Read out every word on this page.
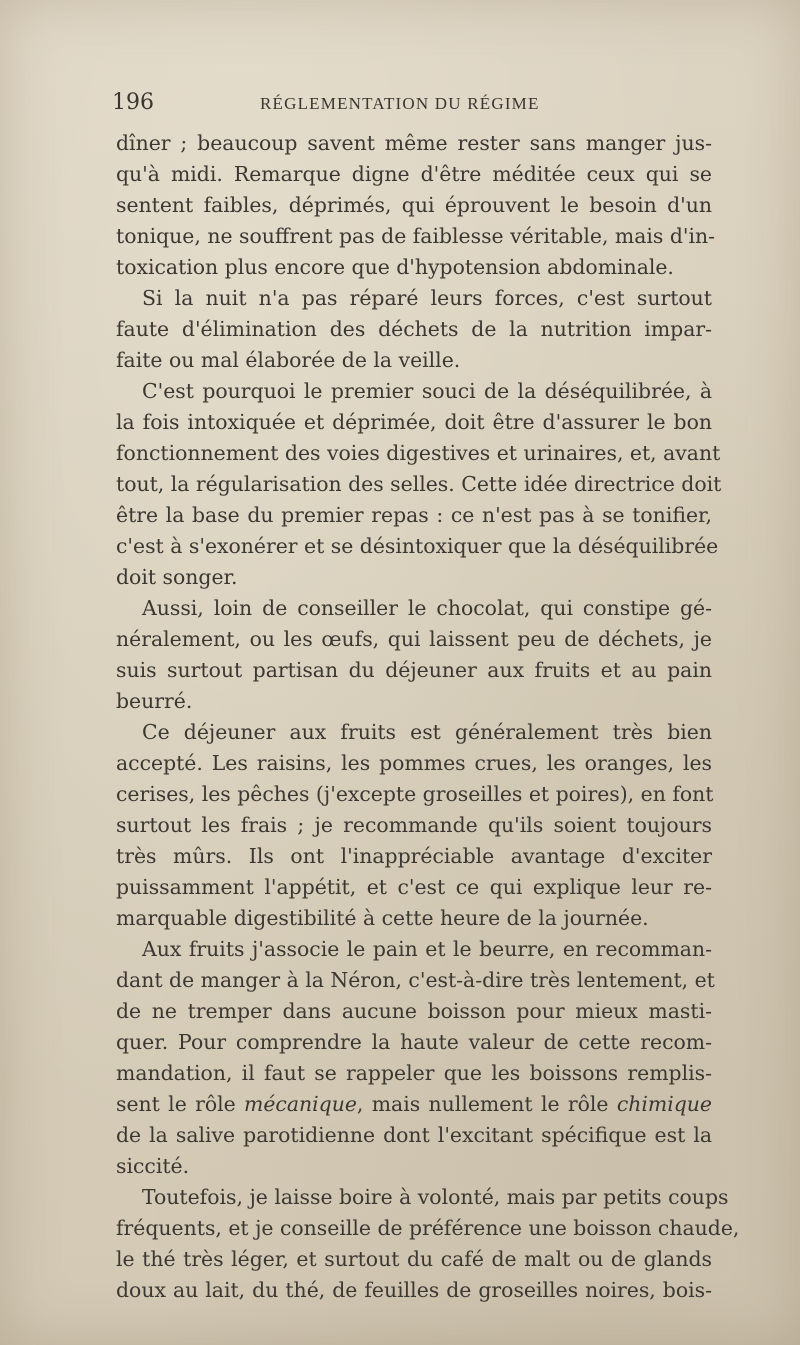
196	RÉGLEMENTATION DU RÉGIME
dîner ; beaucoup savent même rester sans manger jus-
qu'à midi. Remarque digne d'être méditée ceux qui se
sentent faibles, déprimés, qui éprouvent le besoin d'un
tonique, ne souffrent pas de faiblesse véritable, mais d'in-
toxication plus encore que d'hypotension abdominale.
Si la nuit n'a pas réparé leurs forces, c'est surtout
faute d'élimination des déchets de la nutrition impar-
faite ou mal élaborée de la veille.
C'est pourquoi le premier souci de la déséquilibrée, à
la fois intoxiquée et déprimée, doit être d'assurer le bon
fonctionnement des voies digestives et urinaires, et, avant
tout, la régularisation des selles. Cette idée directrice doit
être la base du premier repas : ce n'est pas à se tonifier,
c'est à s'exonérer et se désintoxiquer que la déséquilibrée
doit songer.
Aussi, loin de conseiller le chocolat, qui constipe gé-
néralement, ou les œufs, qui laissent peu de déchets, je
suis surtout partisan du déjeuner aux fruits et au pain
beurré.
Ce déjeuner aux fruits est généralement très bien
accepté. Les raisins, les pommes crues, les oranges, les
cerises, les pêches (j'excepte groseilles et poires), en font
surtout les frais ; je recommande qu'ils soient toujours
très mûrs. Ils ont l'inappréciable avantage d'exciter
puissamment l'appétit, et c'est ce qui explique leur re-
marquable digestibilité à cette heure de la journée.
Aux fruits j'associe le pain et le beurre, en recomman-
dant de manger à la Néron, c'est-à-dire très lentement, et
de ne tremper dans aucune boisson pour mieux masti-
quer. Pour comprendre la haute valeur de cette recom-
mandation, il faut se rappeler que les boissons remplis-
sent le rôle mécanique, mais nullement le rôle chimique
de la salive parotidienne dont l'excitant spécifique est la
siccité.
Toutefois, je laisse boire à volonté, mais par petits coups
fréquents, et je conseille de préférence une boisson chaude,
le thé très léger, et surtout du café de malt ou de glands
doux au lait, du thé, de feuilles de groseilles noires, bois-
